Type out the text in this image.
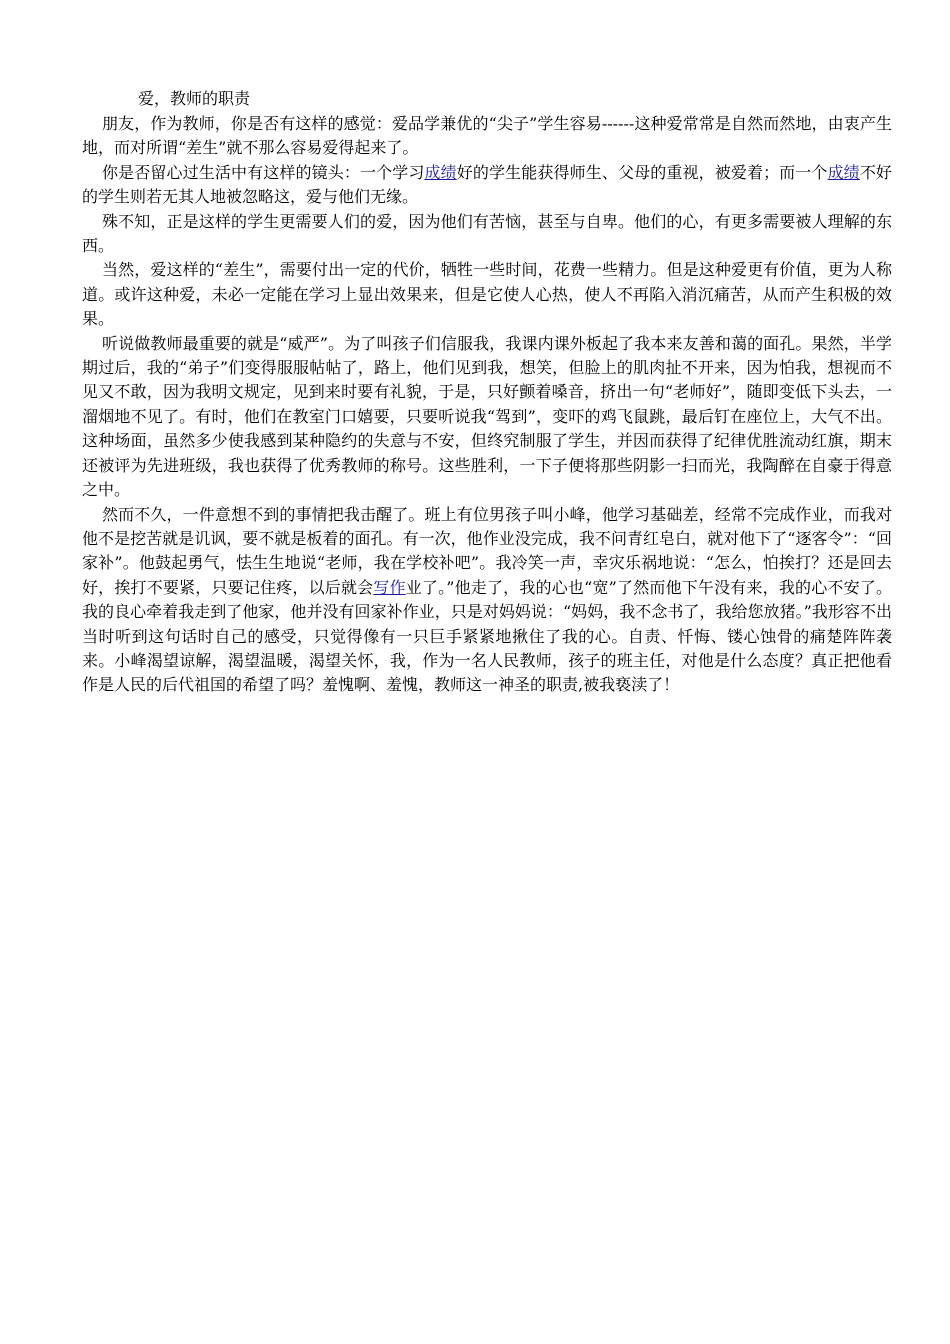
爱，教师的职责

朋友，作为教师，你是否有这样的感觉：爱品学兼优的“尖子”学生容易------这种爱常常是自然而然地，由衷产生地，而对所谓“差生”就不那么容易爱得起来了。

你是否留心过生活中有这样的镜头：一个学习成绩好的学生能获得师生、父母的重视，被爱着；而一个成绩不好的学生则若无其人地被忽略这，爱与他们无缘。

殊不知，正是这样的学生更需要人们的爱，因为他们有苦恼，甚至与自卑。他们的心，有更多需要被人理解的东西。

当然，爱这样的“差生”，需要付出一定的代价，牺牲一些时间，花费一些精力。但是这种爱更有价值，更为人称道。或许这种爱，未必一定能在学习上显出效果来，但是它使人心热，使人不再陷入消沉痛苦，从而产生积极的效果。

听说做教师最重要的就是“威严”。为了叫孩子们信服我，我课内课外板起了我本来友善和蔼的面孔。果然，半学期过后，我的“弟子”们变得服服帖帖了，路上，他们见到我，想笑，但脸上的肌肉扯不开来，因为怕我，想视而不见又不敢，因为我明文规定，见到来时要有礼貌，于是，只好颤着嗓音，挤出一句“老师好”，随即变低下头去，一溜烟地不见了。有时，他们在教室门口嬉要，只要听说我“驾到”，变吓的鸡飞鼠跳，最后钉在座位上，大气不出。这种场面，虽然多少使我感到某种隐约的失意与不安，但终究制服了学生，并因而获得了纪律优胜流动红旗，期末还被评为先进班级，我也获得了优秀教师的称号。这些胜利，一下子便将那些阴影一扫而光，我陶醉在自豪于得意之中。

然而不久，一件意想不到的事情把我击醒了。班上有位男孩子叫小峰，他学习基础差，经常不完成作业，而我对他不是挖苦就是讥讽，要不就是板着的面孔。有一次，他作业没完成，我不问青红皂白，就对他下了“逐客令”：“回家补”。他鼓起勇气，怯生生地说“老师，我在学校补吧”。我冷笑一声，幸灾乐祸地说：“怎么，怕挨打？还是回去好，挨打不要紧，只要记住疼，以后就会写作业了。”他走了，我的心也“宽”了然而他下午没有来，我的心不安了。我的良心牵着我走到了他家，他并没有回家补作业，只是对妈妈说：“妈妈，我不念书了，我给您放猪。”我形容不出当时听到这句话时自己的感受，只觉得像有一只巨手紧紧地揪住了我的心。自责、忏悔、镂心蚀骨的痛楚阵阵袭来。小峰渴望谅解，渴望温暖，渴望关怀，我，作为一名人民教师，孩子的班主任，对他是什么态度？真正把他看作是人民的后代祖国的希望了吗？羞愧啊、羞愧，教师这一神圣的职责,被我亵渎了！
